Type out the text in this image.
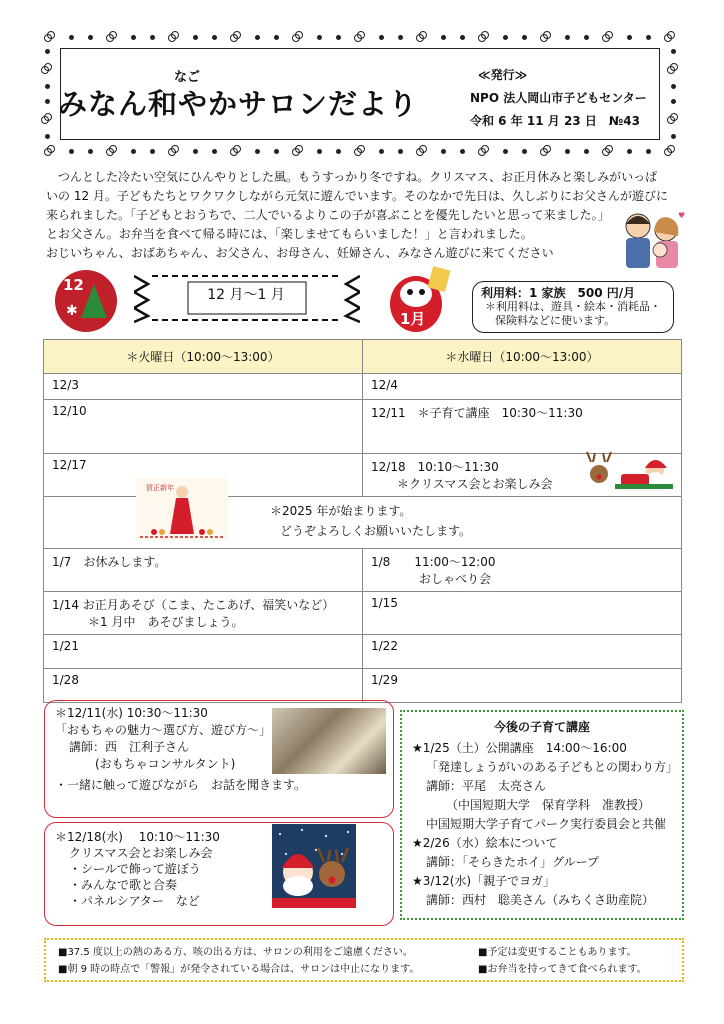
なご
みなん和やかサロンだより
≪発行≫
NPO 法人岡山市子どもセンター
令和 6 年 11 月 23 日　 №43

つんとした冷たい空気にひんやりとした風。もうすっかり冬ですね。クリスマス、お正月休みと楽しみがいっぱ

いの 12 月。子どもたちとワクワクしながら元気に遊んでいます。そのなかで先日は、久しぶりにお父さんが遊びに

来られました。「子どもとおうちで、二人でいるよりこの子が喜ぶことを優先したいと思って来ました。」

とお父さん。お弁当を食べて帰る時には、「楽しませてもらいました！」と言われました。

おじいちゃん、おばあちゃん、お父さん、お母さん、妊婦さん、みなさん遊びに来てください

♥
12
✱
12 月～1 月
1月
利用料：1 家族　500 円/月
＊利用料は、遊具・絵本・消耗品・
保険料などに使います。
＊火曜日（10:00～13:00）	＊水曜日（10:00～13:00）
12/3	12/4
12/10	12/11　＊子育て講座　10:30～11:30
12/17	12/18　10:10～11:30
＊クリスマス会とお楽しみ会

＊2025 年が始まります。
どうぞよろしくお願いいたします。	

1/7　お休みします。	1/8　　11:00～12:00
おしゃべり会

1/14 お正月あそび（こま、たこあげ、福笑いなど）
＊1 月中　あそびましょう。	1/15
1/21	1/22
1/28	1/29
賀正新年
＊12/11(水) 10:30～11:30
「おもちゃの魅力～選び方、遊び方～」
講師：西　江利子さん
(おもちゃコンサルタント)
・一緒に触って遊びながら　お話を聞きます。
＊12/18(水)　 10:10～11:30
クリスマス会とお楽しみ会
・シールで飾って遊ぼう
・みんなで歌と合奏
・パネルシアター　など
今後の子育て講座
★1/25（土）公開講座　14:00～16:00
「発達しょうがいのある子どもとの関わり方」
講師：平尾　太亮さん
（中国短期大学　保育学科　准教授）
中国短期大学子育てパーク実行委員会と共催
★2/26（水）絵本について
講師：「そらきたホイ」グループ
★3/12(水)「親子でヨガ」
講師：西村　聡美さん（みちくさ助産院）
■37.5 度以上の熱のある方、咳の出る方は、サロンの利用をご遠慮ください。	■予定は変更することもあります。
■朝 9 時の時点で「警報」が発令されている場合は、サロンは中止になります。	■お弁当を持ってきて食べられます。
